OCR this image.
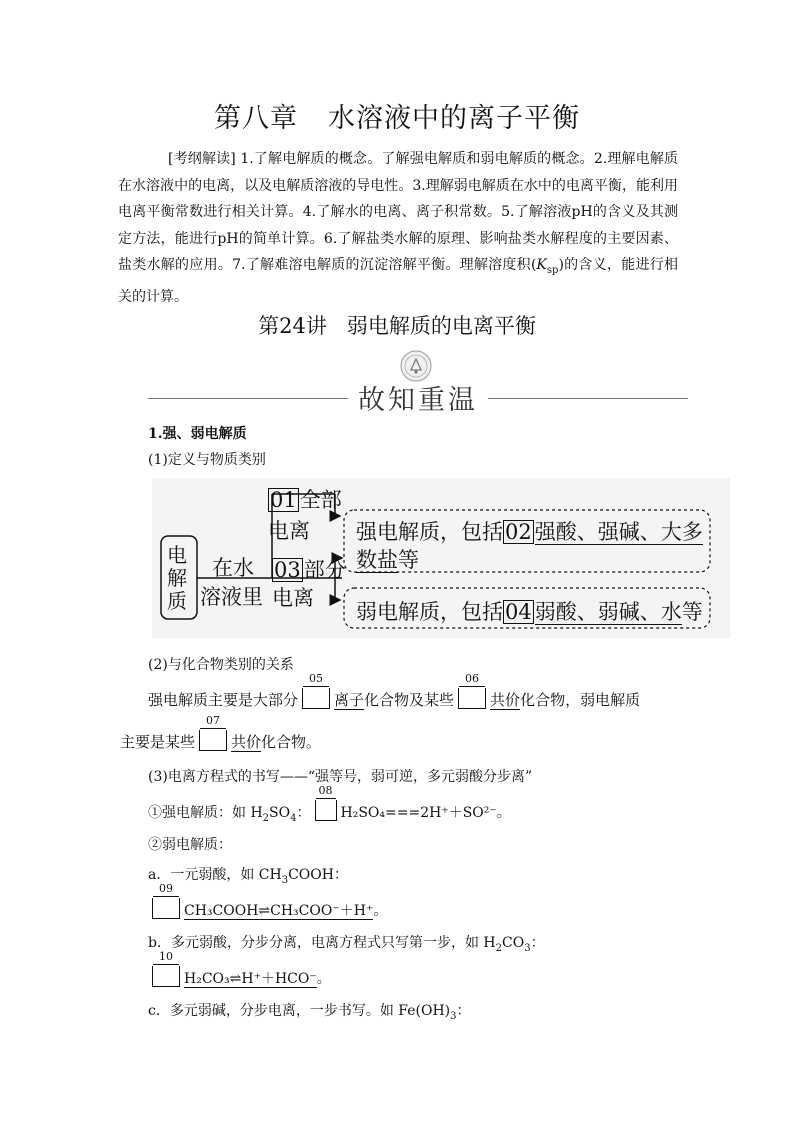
第八章 水溶液中的离子平衡
[考纲解读] 1.了解电解质的概念。了解强电解质和弱电解质的概念。2.理解电解质在水溶液中的电离，以及电解质溶液的导电性。3.理解弱电解质在水中的电离平衡，能利用电离平衡常数进行相关计算。4.了解水的电离、离子积常数。5.了解溶液pH的含义及其测定方法，能进行pH的简单计算。6.了解盐类水解的原理、影响盐类水解程度的主要因素、盐类水解的应用。7.了解难溶电解质的沉淀溶解平衡。理解溶度积$(K_{sp})$的含义，能进行相关的计算。
第24讲 弱电解质的电离平衡
故知重温
1.强、弱电解质
(1)定义与物质类别
电
解
质
在水
溶液里
01 全部
电离
03 部分
电离
强电解质，包括02 强酸、强碱、大多
数盐等
弱电解质，包括04 弱酸、弱碱、水等
(2)与化合物类别的关系
强电解质主要是大部分
05
离子化合物及某些
06
共价化合物，弱电解质
主要是某些
07
共价化合物。
(3)电离方程式的书写——“强等号，弱可逆，多元弱酸分步离”
①强电解质：如 $H_2SO_4$：
08
H₂SO₄===2H⁺＋SO²⁻。
②弱电解质：
a．一元弱酸，如 $CH_3COOH$：
09
CH₃COOH⇌CH₃COO⁻＋H⁺。
b．多元弱酸，分步分离，电离方程式只写第一步，如 $H_2CO_3$：
10
H₂CO₃⇌H⁺＋HCO⁻。
c．多元弱碱，分步电离，一步书写。如 $Fe(OH)_3$：
